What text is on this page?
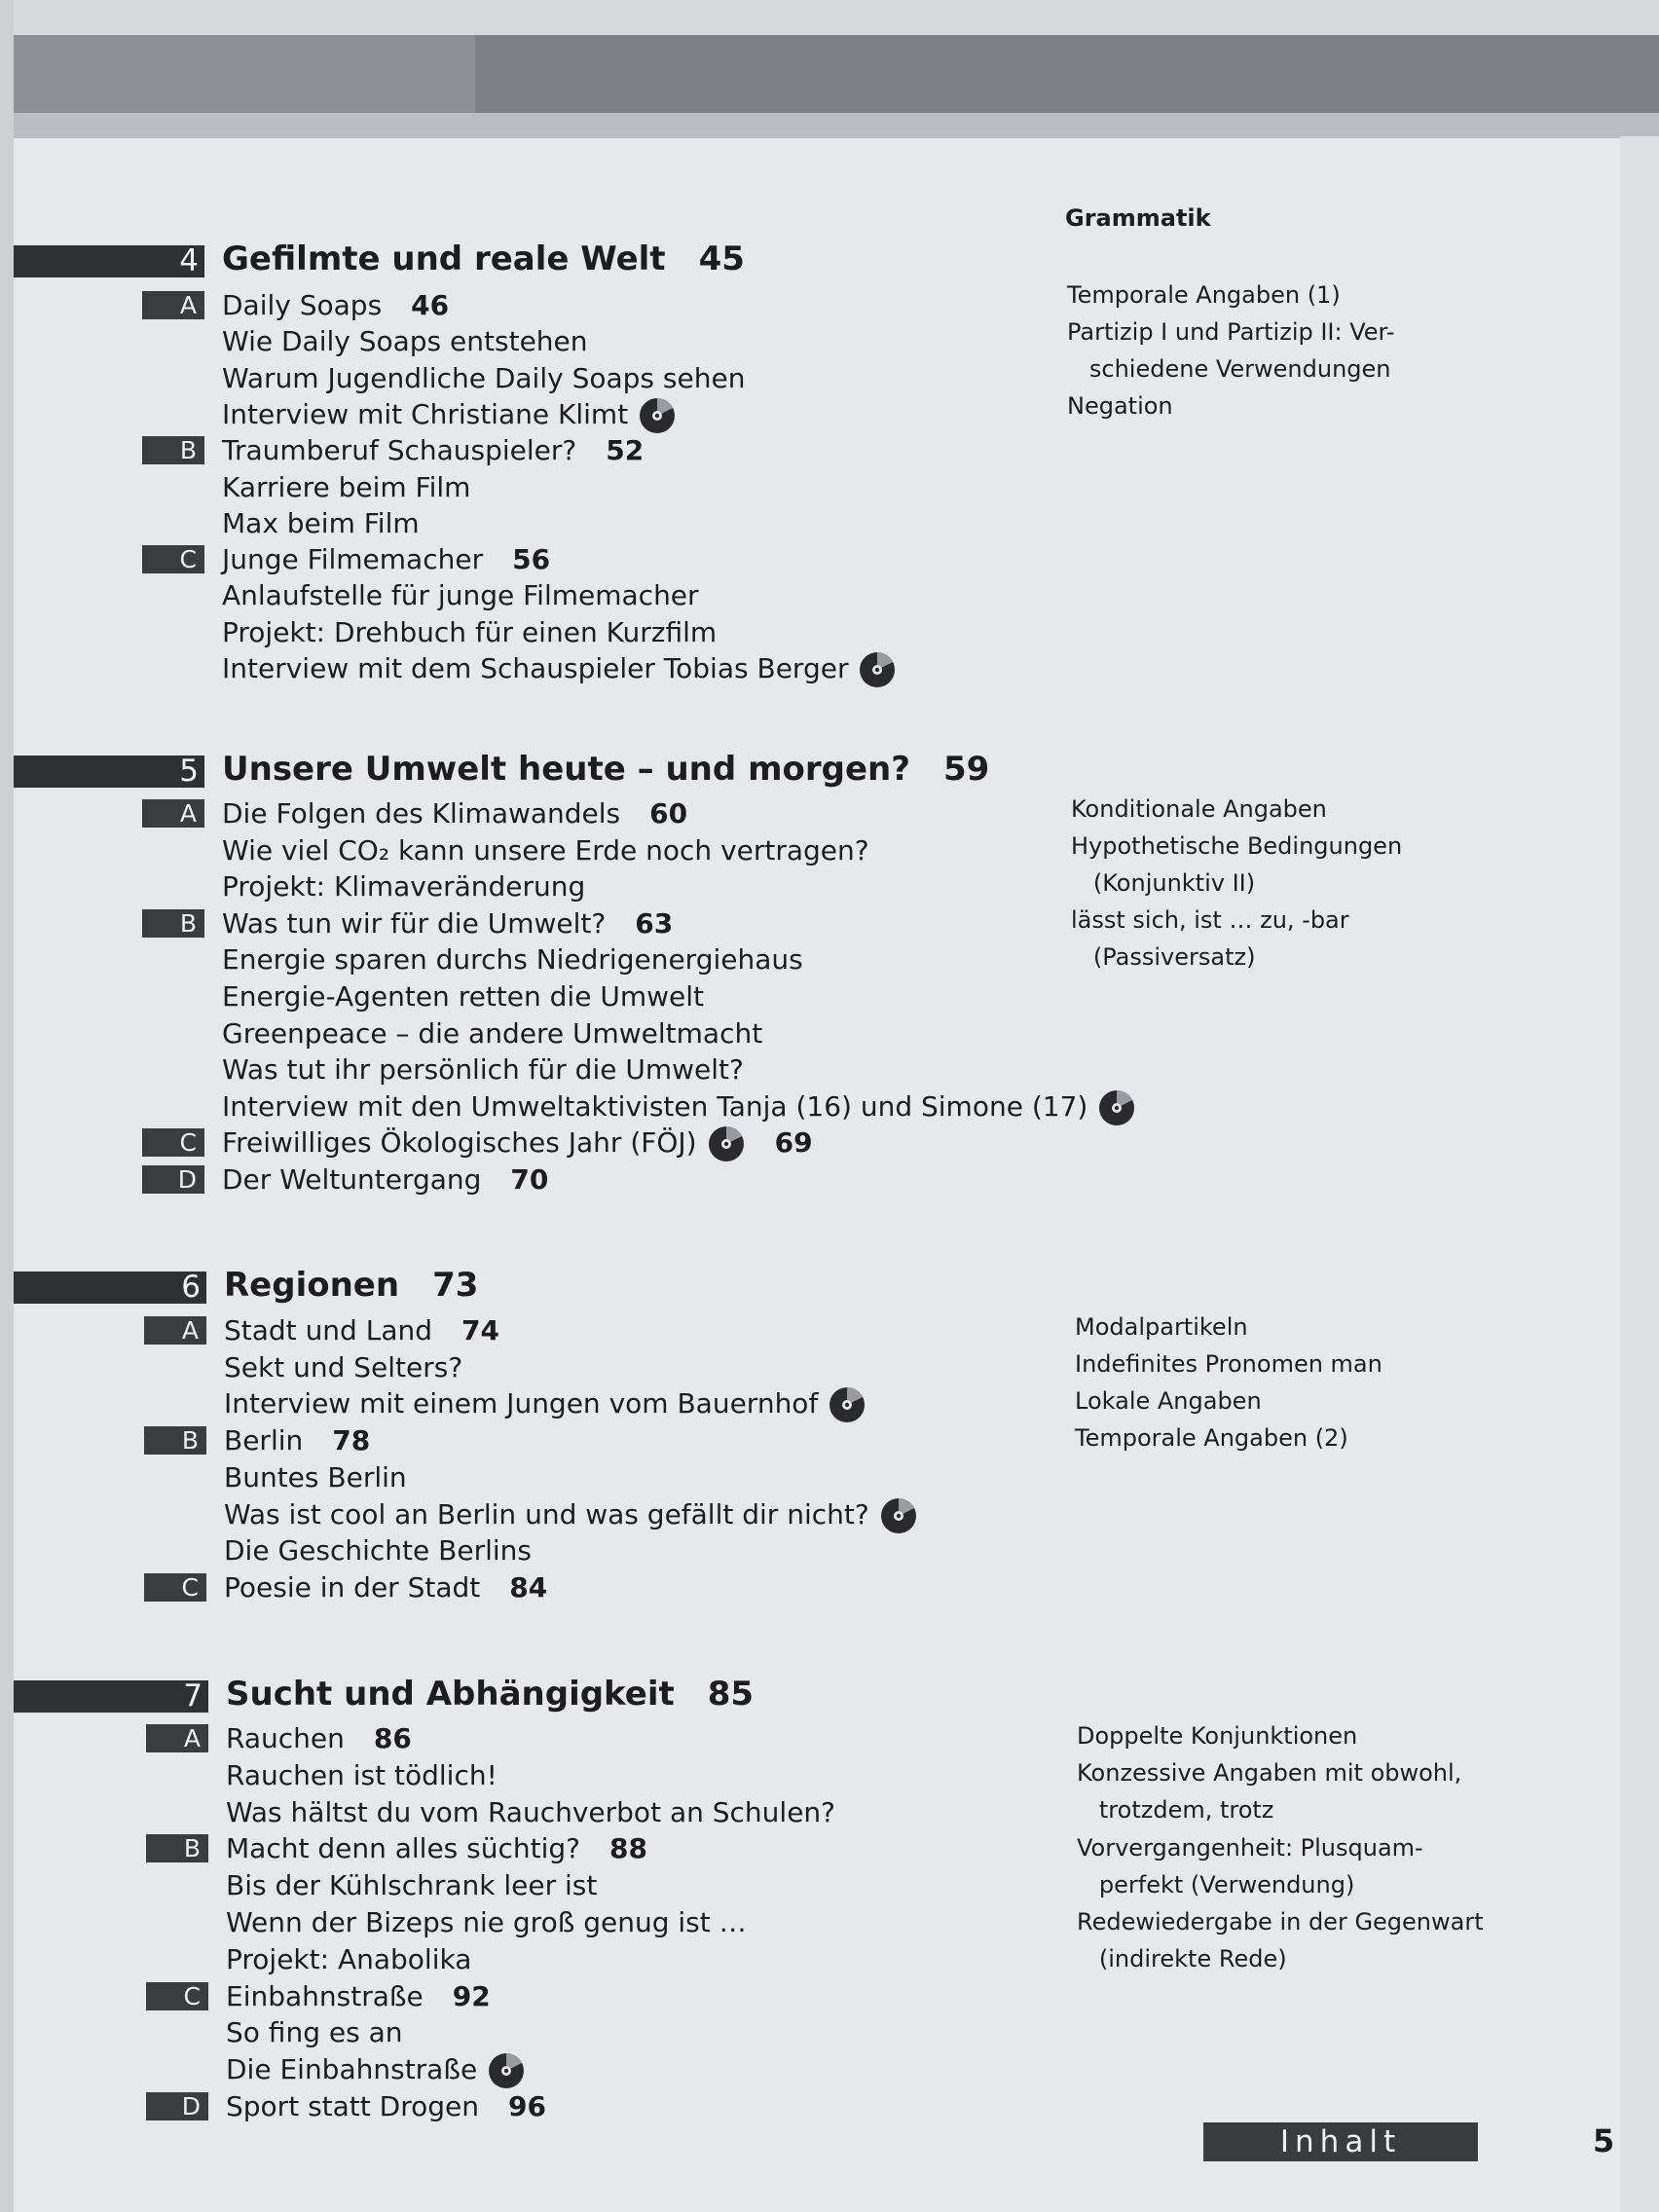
Grammatik
4 Gefilmte und reale Welt 45
A Daily Soaps 46
Wie Daily Soaps entstehen
Warum Jugendliche Daily Soaps sehen
Interview mit Christiane Klimt
B Traumberuf Schauspieler? 52
Karriere beim Film
Max beim Film
C Junge Filmemacher 56
Anlaufstelle für junge Filmemacher
Projekt: Drehbuch für einen Kurzfilm
Interview mit dem Schauspieler Tobias Berger
Temporale Angaben (1)
Partizip I und Partizip II: Ver-
schiedene Verwendungen
Negation
5 Unsere Umwelt heute – und morgen? 59
A Die Folgen des Klimawandels 60
Wie viel CO₂ kann unsere Erde noch vertragen?
Projekt: Klimaveränderung
B Was tun wir für die Umwelt? 63
Energie sparen durchs Niedrigenergiehaus
Energie-Agenten retten die Umwelt
Greenpeace – die andere Umweltmacht
Was tut ihr persönlich für die Umwelt?
Interview mit den Umweltaktivisten Tanja (16) und Simone (17)
C Freiwilliges Ökologisches Jahr (FÖJ)	69
D Der Weltuntergang 70
Konditionale Angaben
Hypothetische Bedingungen
(Konjunktiv II)
lässt sich, ist … zu, -bar
(Passiversatz)
6 Regionen 73
A Stadt und Land 74
Sekt und Selters?
Interview mit einem Jungen vom Bauernhof
B Berlin 78
Buntes Berlin
Was ist cool an Berlin und was gefällt dir nicht?
Die Geschichte Berlins
C Poesie in der Stadt 84
Modalpartikeln
Indefinites Pronomen man
Lokale Angaben
Temporale Angaben (2)
7 Sucht und Abhängigkeit 85
A Rauchen 86
Rauchen ist tödlich!
Was hältst du vom Rauchverbot an Schulen?
B Macht denn alles süchtig? 88
Bis der Kühlschrank leer ist
Wenn der Bizeps nie groß genug ist …
Projekt: Anabolika
C Einbahnstraße 92
So fing es an
Die Einbahnstraße
D Sport statt Drogen 96
Doppelte Konjunktionen
Konzessive Angaben mit obwohl,
trotzdem, trotz
Vorvergangenheit: Plusquam-
perfekt (Verwendung)
Redewiedergabe in der Gegenwart
(indirekte Rede)
Inhalt	5
